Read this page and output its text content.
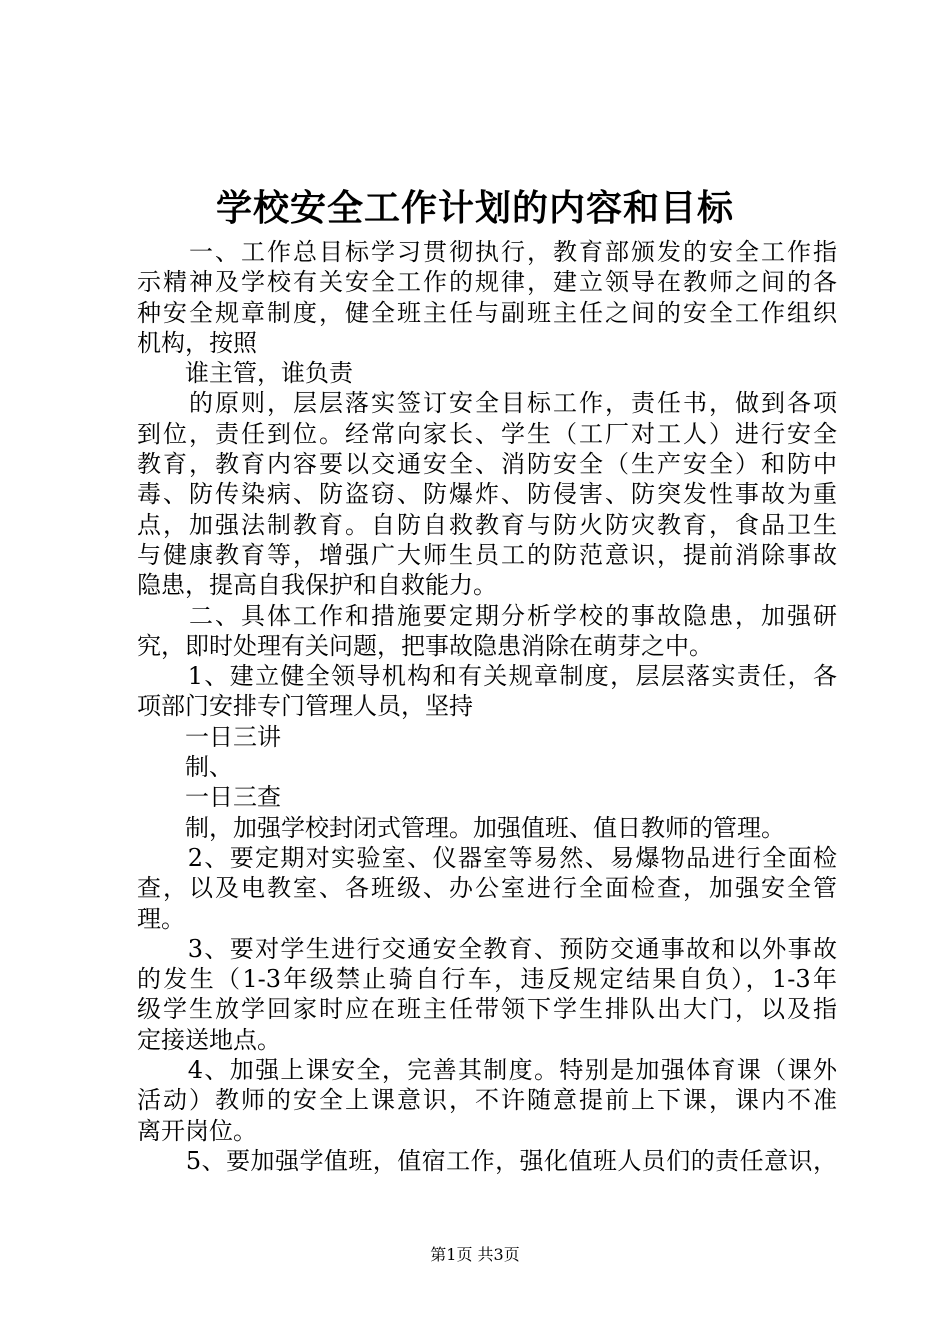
学校安全工作计划的内容和目标
　　一、工作总目标学习贯彻执行，教育部颁发的安全工作指
示精神及学校有关安全工作的规律，建立领导在教师之间的各
种安全规章制度，健全班主任与副班主任之间的安全工作组织
机构，按照
　　谁主管，谁负责
　　的原则，层层落实签订安全目标工作，责任书，做到各项
到位，责任到位。经常向家长、学生（工厂对工人）进行安全
教育，教育内容要以交通安全、消防安全（生产安全）和防中
毒、防传染病、防盗窃、防爆炸、防侵害、防突发性事故为重
点，加强法制教育。自防自救教育与防火防灾教育，食品卫生
与健康教育等，增强广大师生员工的防范意识，提前消除事故
隐患，提高自我保护和自救能力。
　　二、具体工作和措施要定期分析学校的事故隐患，加强研
究，即时处理有关问题，把事故隐患消除在萌芽之中。
　　1、建立健全领导机构和有关规章制度，层层落实责任，各
项部门安排专门管理人员，坚持
　　一日三讲
　　制、
　　一日三查
　　制，加强学校封闭式管理。加强值班、值日教师的管理。
　　2、要定期对实验室、仪器室等易然、易爆物品进行全面检
查，以及电教室、各班级、办公室进行全面检查，加强安全管
理。
　　3、要对学生进行交通安全教育、预防交通事故和以外事故
的发生（1-3年级禁止骑自行车，违反规定结果自负），1-3年
级学生放学回家时应在班主任带领下学生排队出大门，以及指
定接送地点。
　　4、加强上课安全，完善其制度。特别是加强体育课（课外
活动）教师的安全上课意识，不许随意提前上下课，课内不准
离开岗位。
　　5、要加强学值班，值宿工作，强化值班人员们的责任意识，
第1页 共3页
